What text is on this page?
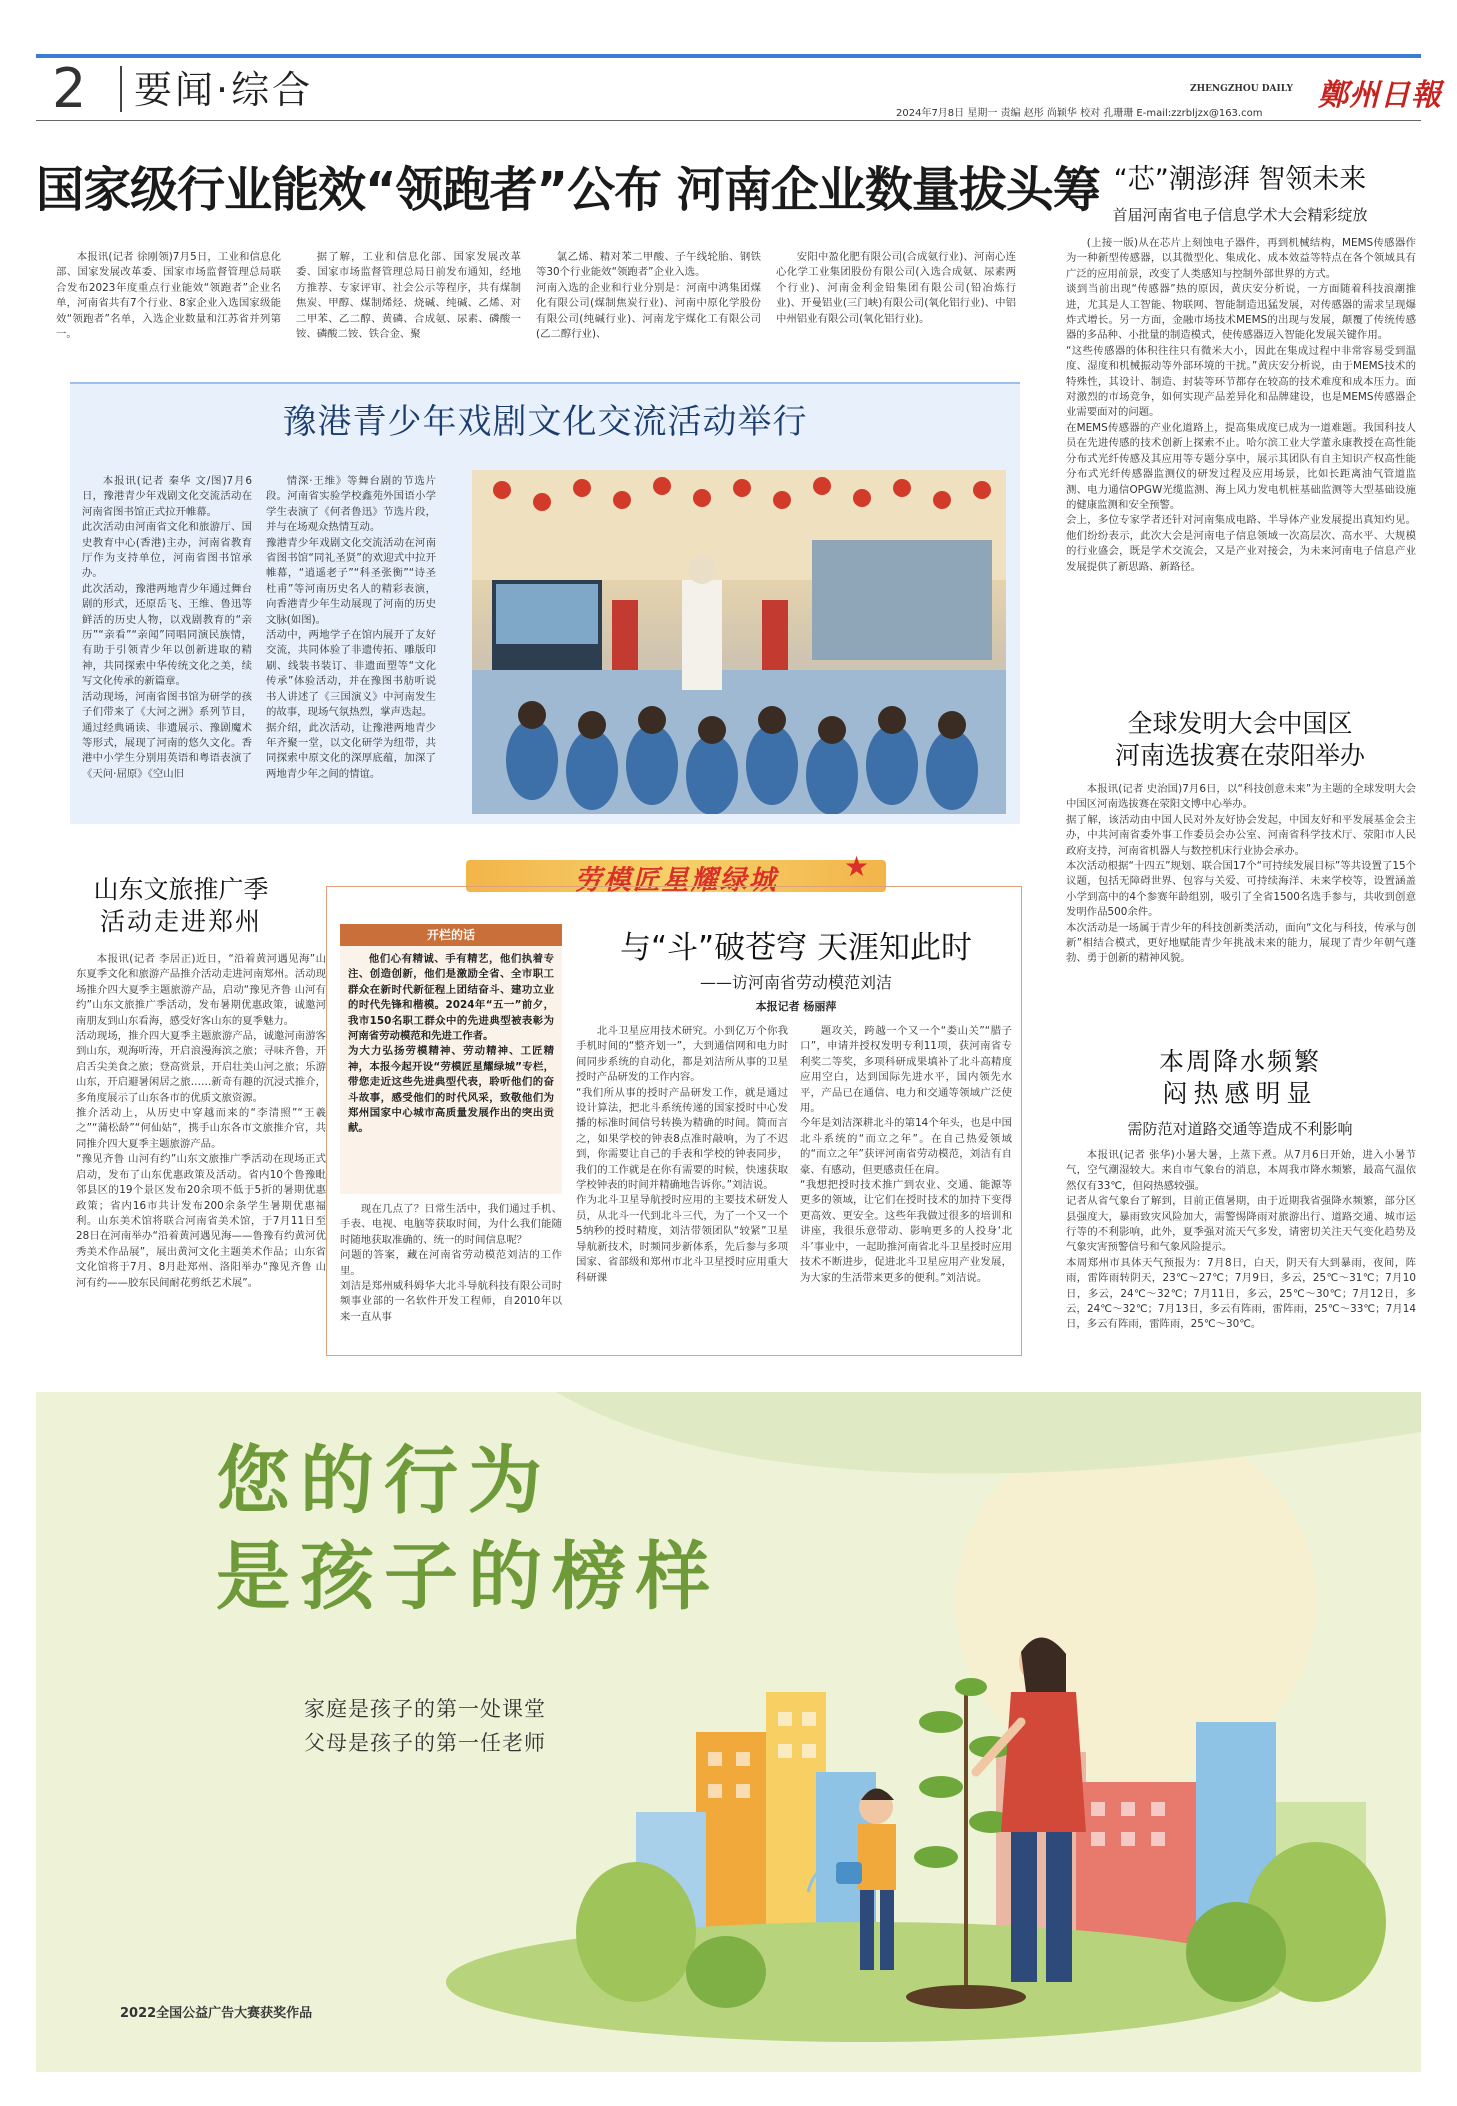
2 要闻·综合	ZHENGZHOU DAILY 鄭州日報
2024年7月8日 星期一 责编 赵彤 尚颖华 校对 孔珊珊 E-mail:zzrbljzx@163.com
国家级行业能效“领跑者”公布 河南企业数量拔头筹

本报讯(记者 徐刚领)7月5日，工业和信息化部、国家发展改革委、国家市场监督管理总局联合发布2023年度重点行业能效“领跑者”企业名单，河南省共有7个行业、8家企业入选国家级能效“领跑者”名单，入选企业数量和江苏省并列第一。

据了解，工业和信息化部、国家发展改革委、国家市场监督管理总局日前发布通知，经地方推荐、专家评审、社会公示等程序，共有煤制焦炭、甲醇、煤制烯烃、烧碱、纯碱、乙烯、对二甲苯、乙二醇、黄磷、合成氨、尿素、磷酸一铵、磷酸二铵、铁合金、聚

氯乙烯、精对苯二甲酸、子午线轮胎、钢铁等30个行业能效“领跑者”企业入选。
河南入选的企业和行业分别是：河南中鸿集团煤化有限公司(煤制焦炭行业)、河南中原化学股份有限公司(纯碱行业)、河南龙宇煤化工有限公司(乙二醇行业)、

安阳中盈化肥有限公司(合成氨行业)、河南心连心化学工业集团股份有限公司(入选合成氨、尿素两个行业)、河南金利金铅集团有限公司(铅冶炼行业)、开曼铝业(三门峡)有限公司(氧化铝行业)、中铝中州铝业有限公司(氧化铝行业)。

豫港青少年戏剧文化交流活动举行

本报讯(记者 秦华 文/图)7月6日，豫港青少年戏剧文化交流活动在河南省图书馆正式拉开帷幕。
此次活动由河南省文化和旅游厅、国史教育中心(香港)主办，河南省教育厅作为支持单位，河南省图书馆承办。
此次活动，豫港两地青少年通过舞台剧的形式，还原岳飞、王维、鲁迅等鲜活的历史人物，以戏剧教育的“亲历”“亲看”“亲闻”同唱同演民族情，有助于引领青少年以创新进取的精神，共同探索中华传统文化之美，续写文化传承的新篇章。
活动现场，河南省图书馆为研学的孩子们带来了《大河之洲》系列节目，通过经典诵读、非遗展示、豫剧魔术等形式，展现了河南的悠久文化。香港中小学生分别用英语和粤语表演了《天问·屈原》《空山旧

情深·王维》等舞台剧的节选片段。河南省实验学校鑫苑外国语小学学生表演了《何者鲁迅》节选片段，并与在场观众热情互动。
豫港青少年戏剧文化交流活动在河南省图书馆“同礼圣贤”的欢迎式中拉开帷幕，“逍遥老子”“科圣张衡”“诗圣杜甫”等河南历史名人的精彩表演，向香港青少年生动展现了河南的历史文脉(如图)。
活动中，两地学子在馆内展开了友好交流，共同体验了非遗传拓、雕版印刷、线装书装订、非遗面塑等“文化传承”体验活动，并在豫图书舫听说书人讲述了《三国演义》中河南发生的故事，现场气氛热烈，掌声迭起。
据介绍，此次活动，让豫港两地青少年齐聚一堂，以文化研学为纽带，共同探索中原文化的深厚底蕴，加深了两地青少年之间的情谊。

“芯”潮澎湃 智领未来
首届河南省电子信息学术大会精彩绽放

(上接一版)从在芯片上刻蚀电子器件，再到机械结构，MEMS传感器作为一种新型传感器，以其微型化、集成化、成本效益等特点在各个领域具有广泛的应用前景，改变了人类感知与控制外部世界的方式。
谈到当前出现“传感器”热的原因，黄庆安分析说，一方面随着科技浪潮推进，尤其是人工智能、物联网、智能制造迅猛发展，对传感器的需求呈现爆炸式增长。另一方面，金融市场技术MEMS的出现与发展，颠覆了传统传感器的多品种、小批量的制造模式，使传感器迈入智能化发展关键作用。
“这些传感器的体积往往只有微米大小，因此在集成过程中非常容易受到温度、湿度和机械振动等外部环境的干扰。”黄庆安分析说，由于MEMS技术的特殊性，其设计、制造、封装等环节都存在较高的技术难度和成本压力。面对激烈的市场竞争，如何实现产品差异化和品牌建设，也是MEMS传感器企业需要面对的问题。
在MEMS传感器的产业化道路上，提高集成度已成为一道难题。我国科技人员在先进传感的技术创新上探索不止。哈尔滨工业大学董永康教授在高性能分布式光纤传感及其应用等专题分享中，展示其团队有自主知识产权高性能分布式光纤传感器监测仪的研发过程及应用场景，比如长距离油气管道监测、电力通信OPGW光缆监测、海上风力发电机桩基础监测等大型基础设施的健康监测和安全预警。
会上，多位专家学者还针对河南集成电路、半导体产业发展提出真知灼见。他们纷纷表示，此次大会是河南电子信息领域一次高层次、高水平、大规模的行业盛会，既是学术交流会，又是产业对接会，为未来河南电子信息产业发展提供了新思路、新路径。

山东文旅推广季
活动走进郑州

本报讯(记者 李居正)近日，“沿着黄河遇见海”山东夏季文化和旅游产品推介活动走进河南郑州。活动现场推介四大夏季主题旅游产品，启动“豫见齐鲁 山河有约”山东文旅推广季活动，发布暑期优惠政策，诚邀河南朋友到山东看海，感受好客山东的夏季魅力。
活动现场，推介四大夏季主题旅游产品，诚邀河南游客到山东，观海听涛，开启浪漫海滨之旅；寻味齐鲁，开启舌尖美食之旅；登高赏景，开启壮美山河之旅；乐游山东，开启避暑闲居之旅……新奇有趣的沉浸式推介，多角度展示了山东各市的优质文旅资源。
推介活动上，从历史中穿越而来的“李清照”“王羲之”“蒲松龄”“何仙姑”，携手山东各市文旅推介官，共同推介四大夏季主题旅游产品。
“豫见齐鲁 山河有约”山东文旅推广季活动在现场正式启动，发布了山东优惠政策及活动。省内10个鲁豫毗邻县区的19个景区发布20余项不低于5折的暑期优惠政策；省内16市共计发布200余条学生暑期优惠福利。山东美术馆将联合河南省美术馆，于7月11日至28日在河南举办“沿着黄河遇见海——鲁豫有约黄河优秀美术作品展”，展出黄河文化主题美术作品；山东省文化馆将于7月、8月赴郑州、洛阳举办“豫见齐鲁 山河有约——胶东民间耐花剪纸艺术展”。

劳模匠星耀绿城	★
开栏的话

他们心有精诚、手有精艺，他们执着专注、创造创新，他们是激励全省、全市职工群众在新时代新征程上团结奋斗、建功立业的时代先锋和楷模。2024年“五一”前夕，我市150名职工群众中的先进典型被表彰为河南省劳动模范和先进工作者。
为大力弘扬劳模精神、劳动精神、工匠精神，本报今起开设“劳模匠星耀绿城”专栏，带您走近这些先进典型代表，聆听他们的奋斗故事，感受他们的时代风采，致敬他们为郑州国家中心城市高质量发展作出的突出贡献。

与“斗”破苍穹 天涯知此时
——访河南省劳动模范刘洁
本报记者 杨丽萍

现在几点了？日常生活中，我们通过手机、手表、电视、电脑等获取时间，为什么我们能随时随地获取准确的、统一的时间信息呢？
问题的答案，藏在河南省劳动模范刘洁的工作里。
刘洁是郑州威科姆华大北斗导航科技有限公司时频事业部的一名软件开发工程师，自2010年以来一直从事

北斗卫星应用技术研究。小到亿万个你我手机时间的“整齐划一”，大到通信网和电力时间同步系统的自动化，都是刘洁所从事的卫星授时产品研发的工作内容。
“我们所从事的授时产品研发工作，就是通过设计算法，把北斗系统传递的国家授时中心发播的标准时间信号转换为精确的时间。简而言之，如果学校的钟表8点准时敲响，为了不迟到，你需要让自己的手表和学校的钟表同步，我们的工作就是在你有需要的时候，快速获取学校钟表的时间并精确地告诉你。”刘洁说。
作为北斗卫星导航授时应用的主要技术研发人员，从北斗一代到北斗三代，为了一个又一个5纳秒的授时精度，刘洁带领团队“较紧”卫星导航新技术，时频同步新体系，先后参与多项国家、省部级和郑州市北斗卫星授时应用重大科研课

题攻关，跨越一个又一个“娄山关”“腊子口”，申请并授权发明专利11项，获河南省专利奖二等奖，多项科研成果填补了北斗高精度应用空白，达到国际先进水平，国内领先水平，产品已在通信、电力和交通等领域广泛使用。
今年是刘洁深耕北斗的第14个年头，也是中国北斗系统的“而立之年”。在自己热爱领域的“而立之年”获评河南省劳动模范，刘洁有自豪、有感动，但更感责任在肩。
“我想把授时技术推广到农业、交通、能源等更多的领域，让它们在授时技术的加持下变得更高效、更安全。这些年我做过很多的培训和讲座，我很乐意带动、影响更多的人投身‘北斗’事业中，一起助推河南省北斗卫星授时应用技术不断进步，促进北斗卫星应用产业发展，为大家的生活带来更多的便利。”刘洁说。

全球发明大会中国区
河南选拔赛在荥阳举办

本报讯(记者 史治国)7月6日，以“科技创意未来”为主题的全球发明大会中国区河南选拔赛在荥阳文博中心举办。
据了解，该活动由中国人民对外友好协会发起，中国友好和平发展基金会主办，中共河南省委外事工作委员会办公室、河南省科学技术厅、荥阳市人民政府支持，河南省机器人与数控机床行业协会承办。
本次活动根据“十四五”规划、联合国17个“可持续发展目标”等共设置了15个议题，包括无障碍世界、包容与关爱、可持续海洋、未来学校等，设置涵盖小学到高中的4个参赛年龄组别，吸引了全省1500名选手参与，共收到创意发明作品500余件。
本次活动是一场属于青少年的科技创新类活动，面向“文化与科技，传承与创新”相结合模式，更好地赋能青少年挑战未来的能力，展现了青少年朝气蓬勃、勇于创新的精神风貌。

本周降水频繁
闷热感明显
需防范对道路交通等造成不利影响

本报讯(记者 张华)小暑大暑，上蒸下煮。从7月6日开始，进入小暑节气，空气潮湿较大。来自市气象台的消息，本周我市降水频繁，最高气温依然仅有33℃，但闷热感较强。
记者从省气象台了解到，目前正值暑期，由于近期我省强降水频繁，部分区县强度大，暴雨致灾风险加大，需警惕降雨对旅游出行、道路交通、城市运行等的不利影响，此外，夏季强对流天气多发，请密切关注天气变化趋势及气象灾害预警信号和气象风险提示。
本周郑州市具体天气预报为：7月8日，白天，阴天有大到暴雨，夜间，阵雨，雷阵雨转阴天，23℃～27℃；7月9日，多云，25℃～31℃；7月10日，多云，24℃～32℃；7月11日，多云，25℃～30℃；7月12日，多云，24℃～32℃；7月13日，多云有阵雨，雷阵雨，25℃～33℃；7月14日，多云有阵雨，雷阵雨，25℃～30℃。

您的行为
是孩子的榜样
家庭是孩子的第一处课堂
父母是孩子的第一任老师
2022全国公益广告大赛获奖作品
